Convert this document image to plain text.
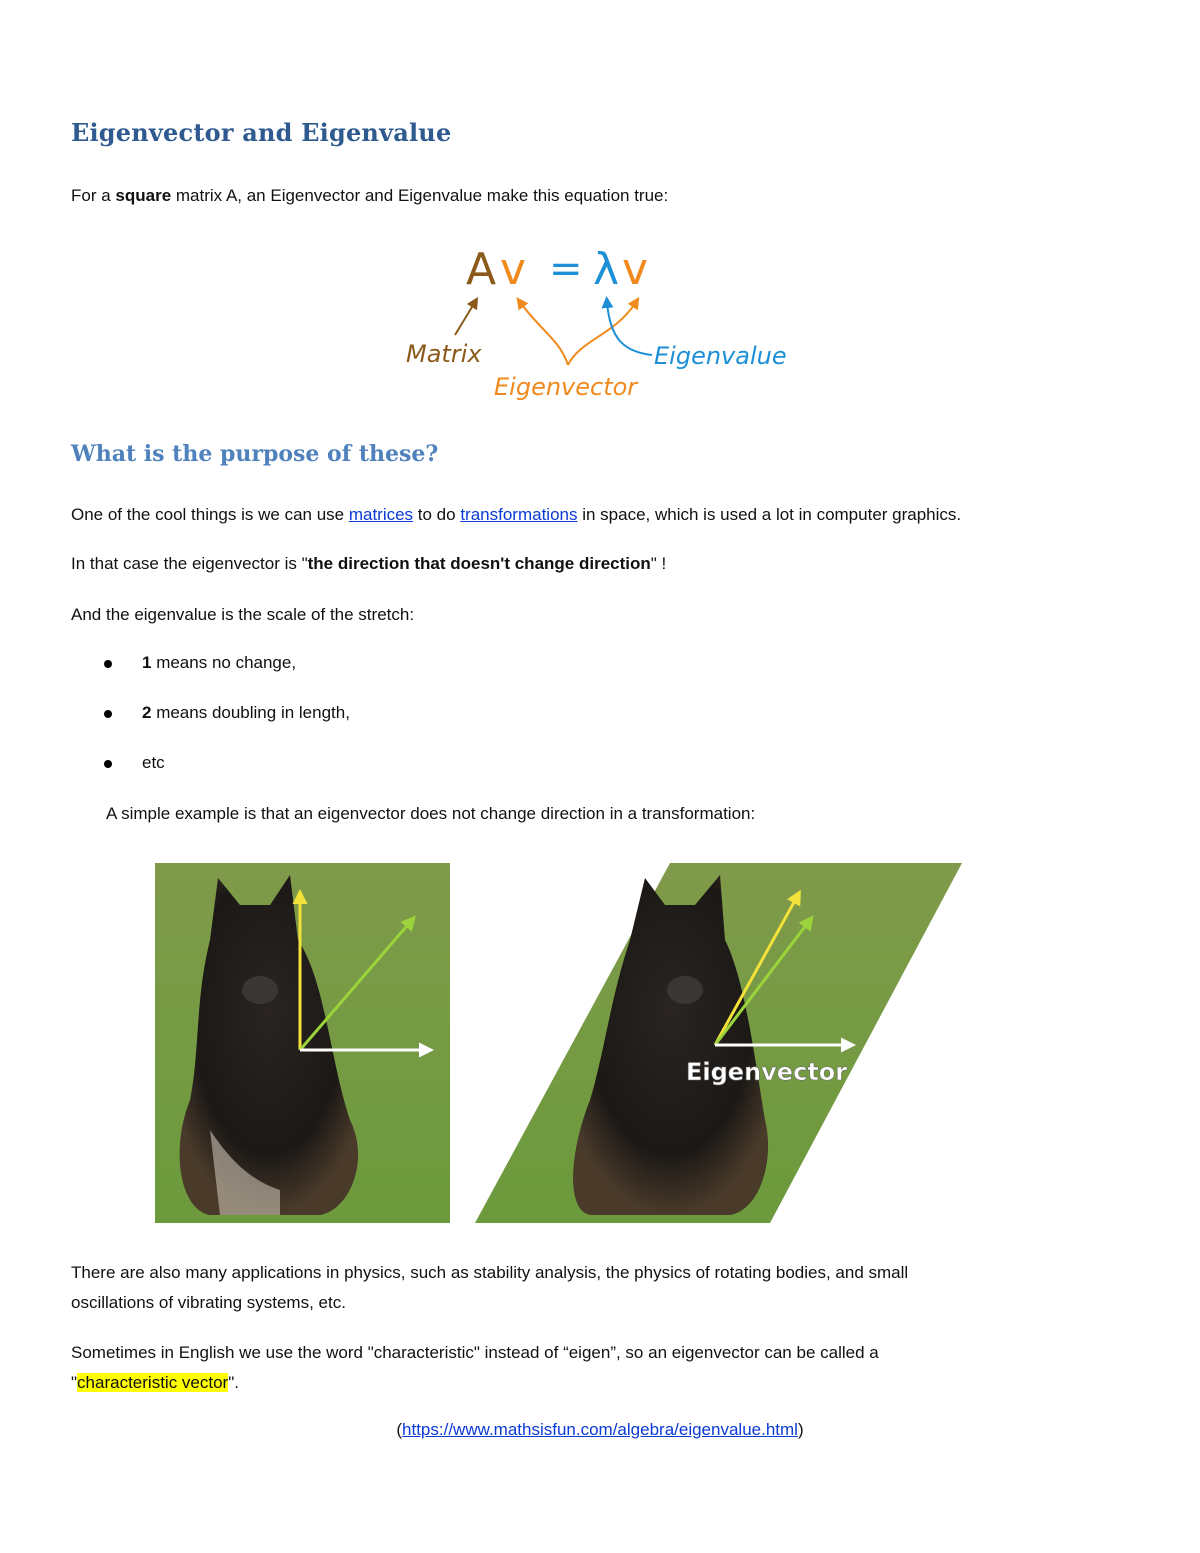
Eigenvector and Eigenvalue

For a square matrix A, an Eigenvector and Eigenvalue make this equation true:

A v = λ v
Matrix
Eigenvector
Eigenvalue
What is the purpose of these?

One of the cool things is we can use matrices to do transformations in space, which is used a lot in computer graphics.

In that case the eigenvector is "the direction that doesn't change direction" !

And the eigenvalue is the scale of the stretch:

1 means no change,

2 means doubling in length,

etc

A simple example is that an eigenvector does not change direction in a transformation:

Eigenvector

There are also many applications in physics, such as stability analysis, the physics of rotating bodies, and small

oscillations of vibrating systems, etc.

Sometimes in English we use the word "characteristic" instead of “eigen”, so an eigenvector can be called a

"characteristic vector".

(https://www.mathsisfun.com/algebra/eigenvalue.html)
